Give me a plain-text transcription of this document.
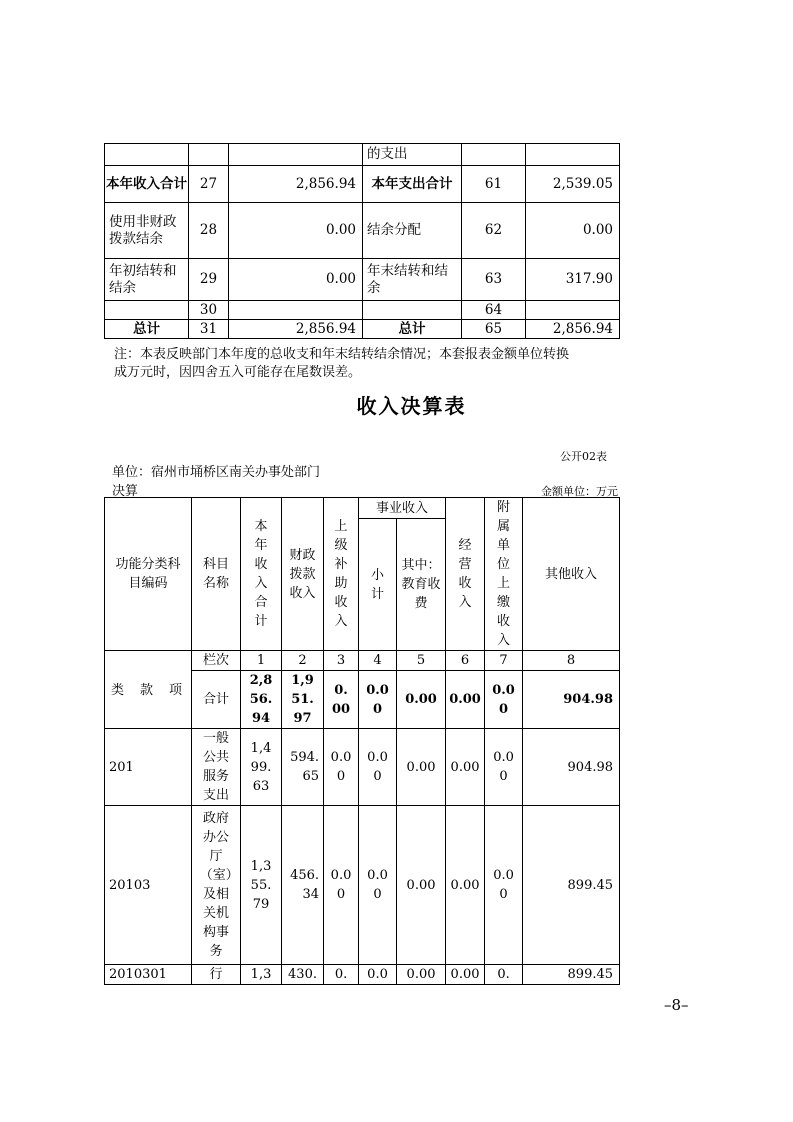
			的支出		
本年收入合计	27	2,856.94	本年支出合计	61	2,539.05
使用非财政拨款结余	28	0.00	结余分配	62	0.00
年初结转和结余	29	0.00	年末结转和结余	63	317.90
	30			64	
总计	31	2,856.94	总计	65	2,856.94
注：本表反映部门本年度的总收支和年末结转结余情况；本套报表金额单位转换
成万元时，因四舍五入可能存在尾数误差。
收入决算表
公开02表
单位：宿州市埇桥区南关办事处部门
决算	金额单位：万元
功能分类科目编码	科目名称	本年收入合计	财政拨款收入	上级补助收入	事业收入		经营收入	附属单位上缴收入	其他收入
					小计	其中：教育收费			

类 款 项	栏次	1	2	3	4	5	6	7	8
	合计	2,856.94	1,951.97	0.00	0.00	0.00	0.00	0.00	904.98

201	一般公共服务支出	1,499.63	594.65	0.00	0.00	0.00	0.00	0.00	904.98
20103	政府办公厅（室）及相关机构事务	1,355.79	456.34	0.00	0.00	0.00	0.00	0.00	899.45
2010301	行	1,3	430.	0.	0.0	0.00	0.00	0.	899.45
–8–
